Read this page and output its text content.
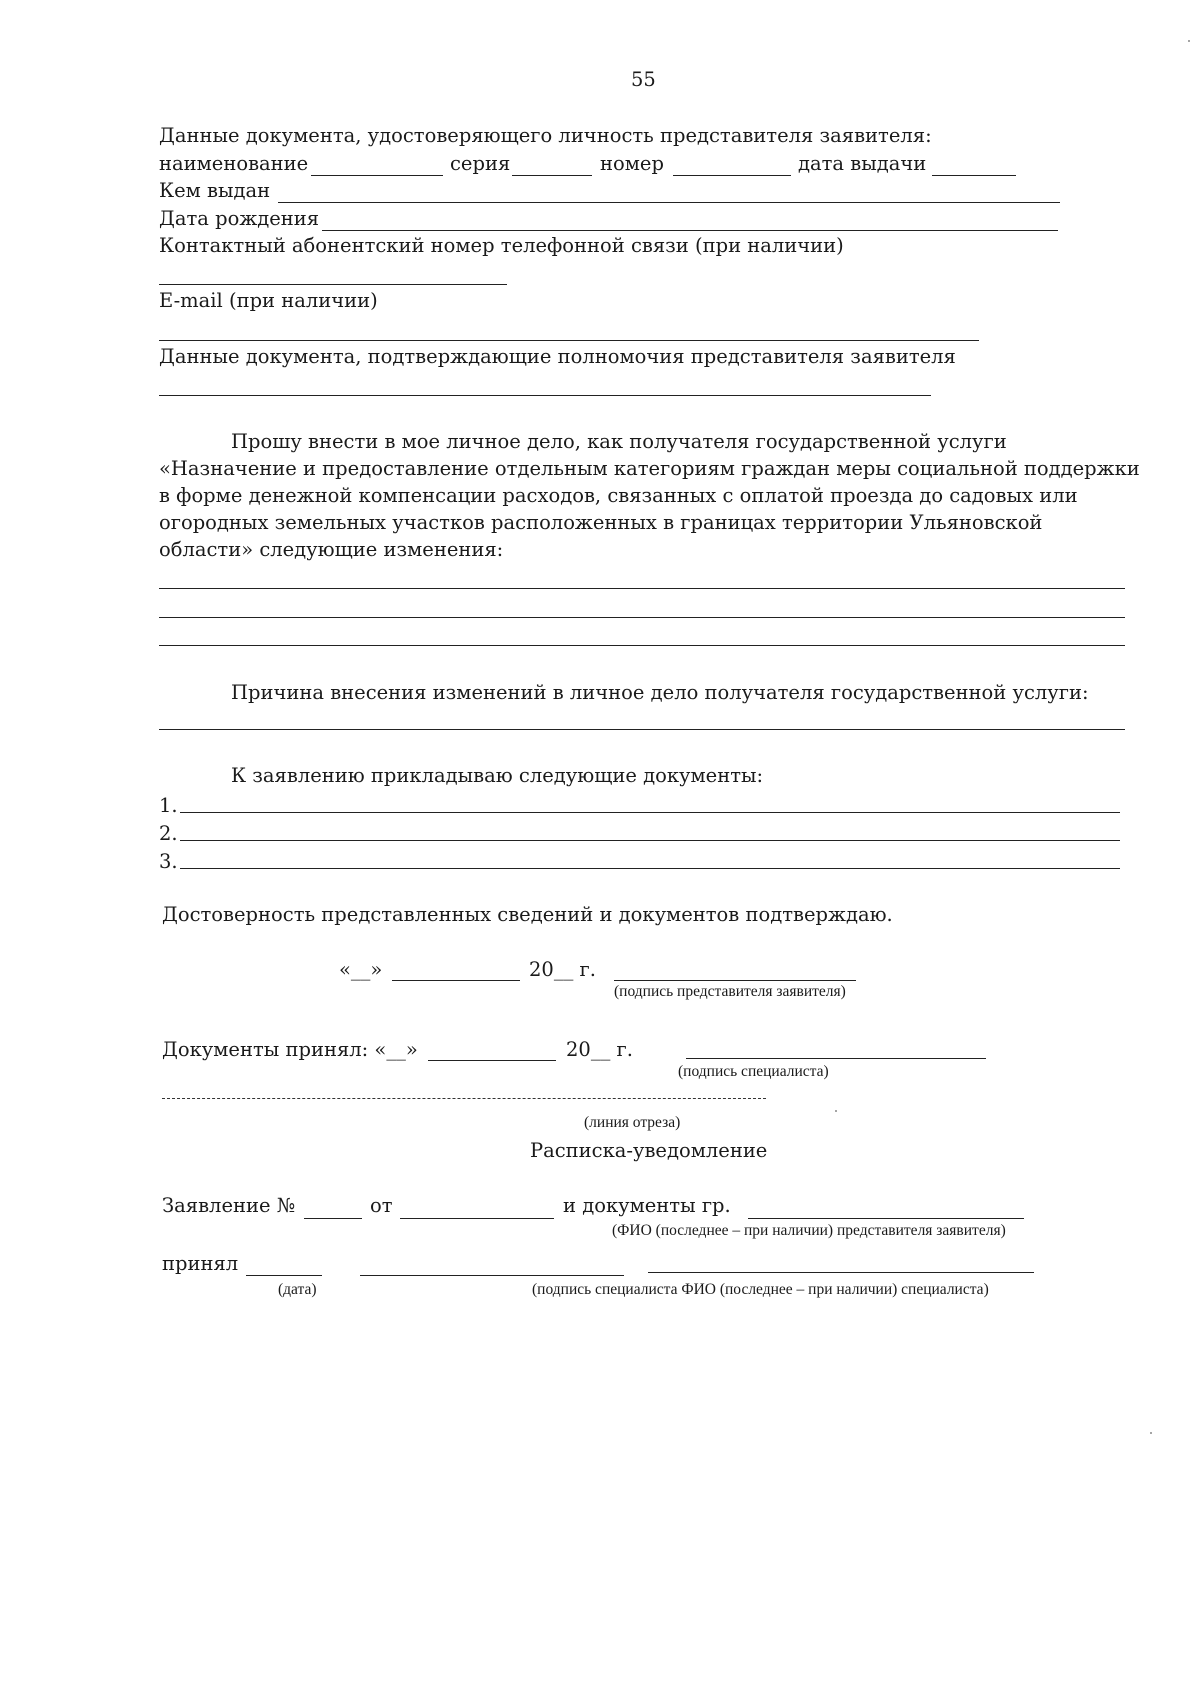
55
Данные документа, удостоверяющего личность представителя заявителя:
наименование	серия	номер	дата выдачи
Кем выдан
Дата рождения
Контактный абонентский номер телефонной связи (при наличии)
E-mail (при наличии)
Данные документа, подтверждающие полномочия представителя заявителя
Прошу внести в мое личное дело, как получателя государственной услуги
«Назначение и предоставление отдельным категориям граждан меры социальной поддержки
в форме денежной компенсации расходов, связанных с оплатой проезда до садовых или
огородных земельных участков расположенных в границах территории Ульяновской
области» следующие изменения:
Причина внесения изменений в личное дело получателя государственной услуги:
К заявлению прикладываю следующие документы:
1.
2.
3.
Достоверность представленных сведений и документов подтверждаю.
«__»	20__ г.
(подпись представителя заявителя)
Документы принял: «__»	20__ г.
(подпись специалиста)
(линия отреза)
Расписка-уведомление
Заявление №	от	и документы гр.
(ФИО (последнее – при наличии) представителя заявителя)
принял
(дата)	(подпись специалиста ФИО (последнее – при наличии) специалиста)
